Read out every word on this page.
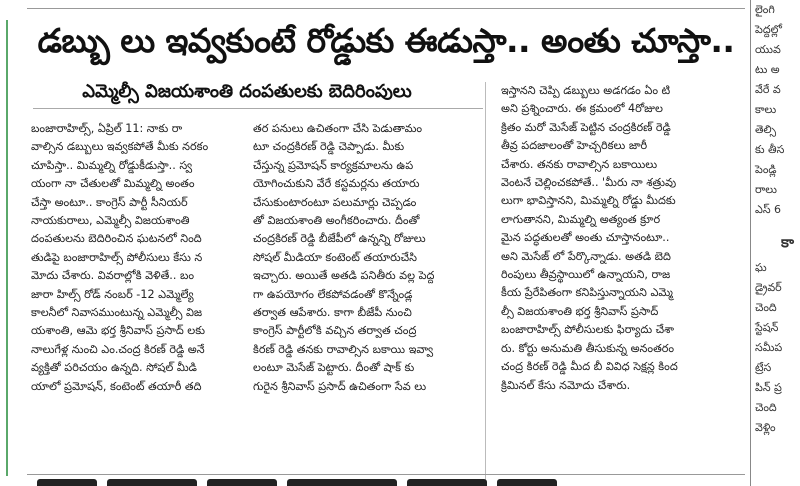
డబ్బు లు ఇవ్వకుంటే రోడ్డుకు ఈడుస్తా.. అంతు చూస్తా..
ఎమ్మెల్సీ విజయశాంతి దంపతులకు బెదిరింపులు
బంజారాహిల్స్, ఏప్రిల్ 11: నాకు రా
వాల్సిన డబ్బులు ఇవ్వకపోతే మీకు నరకం
చూపిస్తా.. మిమ్మల్ని రోడ్డుకీడుస్తా.. స్వ
యంగా నా చేతులతో మిమ్మల్ని అంతం
చేస్తా అంటూ.. కాంగ్రెస్ పార్టీ సీనియర్
నాయకురాలు, ఎమ్మెల్సీ విజయశాంతి
దంపతులను బెదిరించిన ఘటనలో నింది
తుడిపై బంజారాహిల్స్ పోలీసులు కేసు న
మోదు చేశారు. వివరాల్లోకి వెళితే.. బం
జారా హిల్స్ రోడ్ నంబర్ -12 ఎమ్మెల్యే
కాలనీలో నివాసముంటున్న ఎమ్మెల్సీ విజ
యశాంతి, ఆమె భర్త శ్రీనివాస్ ప్రసాద్ లకు
నాలుగేళ్ల నుంచి ఎం.చంద్ర కిరణ్ రెడ్డి అనే
వ్యక్తితో పరిచయం ఉన్నది. సోషల్ మీడి
యాలో ప్రమోషన్, కంటెంట్ తయారీ తది
తర పనులు ఉచితంగా చేసి పెడుతామం
టూ చంద్రకిరణ్ రెడ్డి చెప్పాడు. మీకు
చేస్తున్న ప్రమోషన్ కార్యక్రమాలను ఉప
యోగించుకుని వేరే కస్టమర్లను తయారు
చేసుకుంటారంటూ పలుమార్లు చెప్పడం
తో విజయశాంతి అంగీకరించారు. దీంతో
చంద్రకిరణ్ రెడ్డి బీజేపీలో ఉన్నన్ని రోజులు
సోషల్ మీడియా కంటెంట్ తయారుచేసి
ఇచ్చారు. అయితే అతడి పనితీరు వల్ల పెద్ద
గా ఉపయోగం లేకపోవడంతో కొన్నేండ్ల
తర్వాత ఆపేశారు. కాగా బీజేపీ నుంచి
కాంగ్రెస్ పార్టీలోకి వచ్చిన తర్వాత చంద్ర
కిరణ్ రెడ్డి తనకు రావాల్సిన బకాయి ఇవ్వా
లంటూ మెసేజ్ పెట్టారు. దీంతో షాక్ కు
గురైన శ్రీనివాస్ ప్రసాద్ ఉచితంగా సేవ లు
ఇస్తానని చెప్పి డబ్బులు అడగడం ఏం టి
అని ప్రశ్నించారు. ఈ క్రమంలో 4రోజుల
క్రితం మరో మెసేజ్ పెట్టిన చంద్రకిరణ్ రెడ్డి
తీవ్ర పదజాలంతో హెచ్చరికలు జారీ
చేశారు. తనకు రావాల్సిన బకాయిలు
వెంటనే చెల్లించకపోతే.. 'మీరు నా శత్రువు
లుగా భావిస్తానని, మిమ్మల్ని రోడ్డు మీదకు
లాగుతానని, మిమ్మల్ని అత్యంత క్రూర
మైన పద్ధతులతో అంతు చూస్తానంటూ..
అని మెసేజ్ లో పేర్కొన్నాడు. అతడి బెది
రింపులు తీవ్రస్థాయిలో ఉన్నాయని, రాజ
కీయ ప్రేరేపితంగా కనిపిస్తున్నాయని ఎమ్మె
ల్సీ విజయశాంతి భర్త శ్రీనివాస్ ప్రసాద్
బంజారాహిల్స్ పోలీసులకు ఫిర్యాదు చేశా
రు. కోర్టు అనుమతి తీసుకున్న అనంతరం
చంద్ర కిరణ్ రెడ్డి మీద బీ వివిధ సెక్షన్ల కింద
క్రిమినల్ కేసు నమోదు చేశారు.
లైంగి
పెద్దల్లో
యువ
టు అ
వేరే వ
కాలు
తెల్సి
కు తీస
పెండ్లి
రాలు
ఎస్ 6
కా
ఘ
డ్రైవర్
చెంది
స్టేషన్
సమీప
ట్రేస
పిన్ ప్ర
చెంది
వెళ్లిం
